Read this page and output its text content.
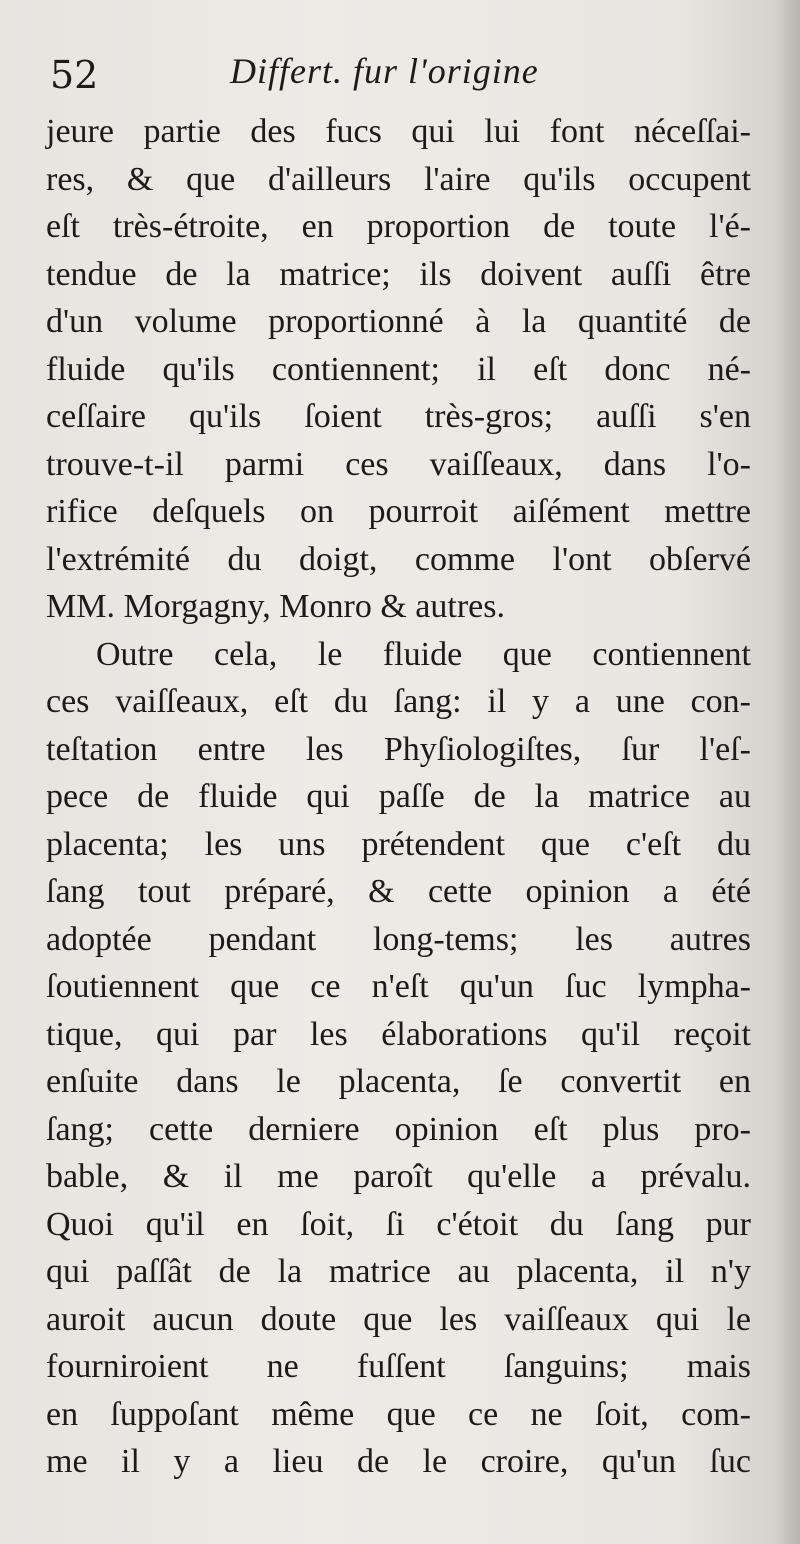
52	Differt. fur l'origine
jeure partie des fucs qui lui font néceſſai-
res, & que d'ailleurs l'aire qu'ils occupent
eſt très-étroite, en proportion de toute l'é-
tendue de la matrice; ils doivent auſſi être
d'un volume proportionné à la quantité de
fluide qu'ils contiennent; il eſt donc né-
ceſſaire qu'ils ſoient très-gros; auſſi s'en
trouve-t-il parmi ces vaiſſeaux, dans l'o-
rifice deſquels on pourroit aiſément mettre
l'extrémité du doigt, comme l'ont obſervé
MM. Morgagny, Monro & autres.
Outre cela, le fluide que contiennent
ces vaiſſeaux, eſt du ſang: il y a une con-
teſtation entre les Phyſiologiſtes, ſur l'eſ-
pece de fluide qui paſſe de la matrice au
placenta; les uns prétendent que c'eſt du
ſang tout préparé, & cette opinion a été
adoptée pendant long-tems; les autres
ſoutiennent que ce n'eſt qu'un ſuc lympha-
tique, qui par les élaborations qu'il reçoit
enſuite dans le placenta, ſe convertit en
ſang; cette derniere opinion eſt plus pro-
bable, & il me paroît qu'elle a prévalu.
Quoi qu'il en ſoit, ſi c'étoit du ſang pur
qui paſſât de la matrice au placenta, il n'y
auroit aucun doute que les vaiſſeaux qui le
fourniroient ne fuſſent ſanguins; mais
en ſuppoſant même que ce ne ſoit, com-
me il y a lieu de le croire, qu'un ſuc
